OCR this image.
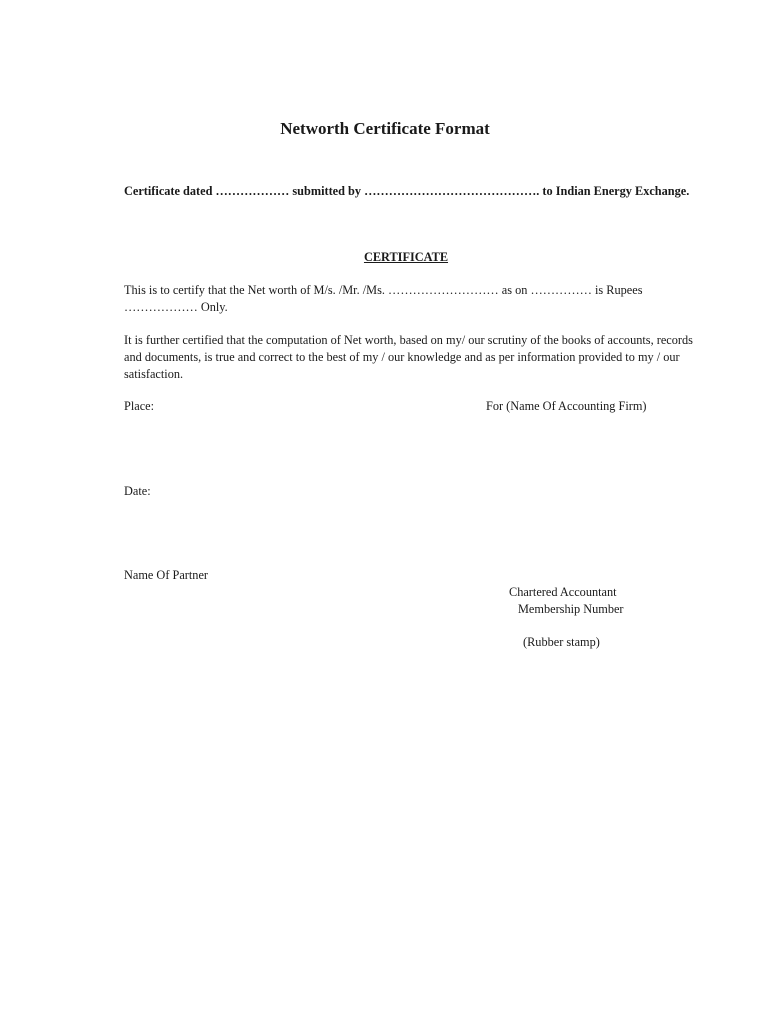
Networth Certificate Format
Certificate dated ……………… submitted by ……………………………………. to Indian Energy Exchange.
CERTIFICATE
This is to certify that the Net worth of M/s. /Mr. /Ms. ……………………… as on …………… is Rupees ……………… Only.
It is further certified that the computation of Net worth, based on my/ our scrutiny of the books of accounts, records and documents, is true and correct to the best of my / our knowledge and as per information provided to my / our satisfaction.
Place:	For (Name Of Accounting Firm)
Date:
Name Of Partner
Chartered Accountant
Membership Number
(Rubber stamp)
